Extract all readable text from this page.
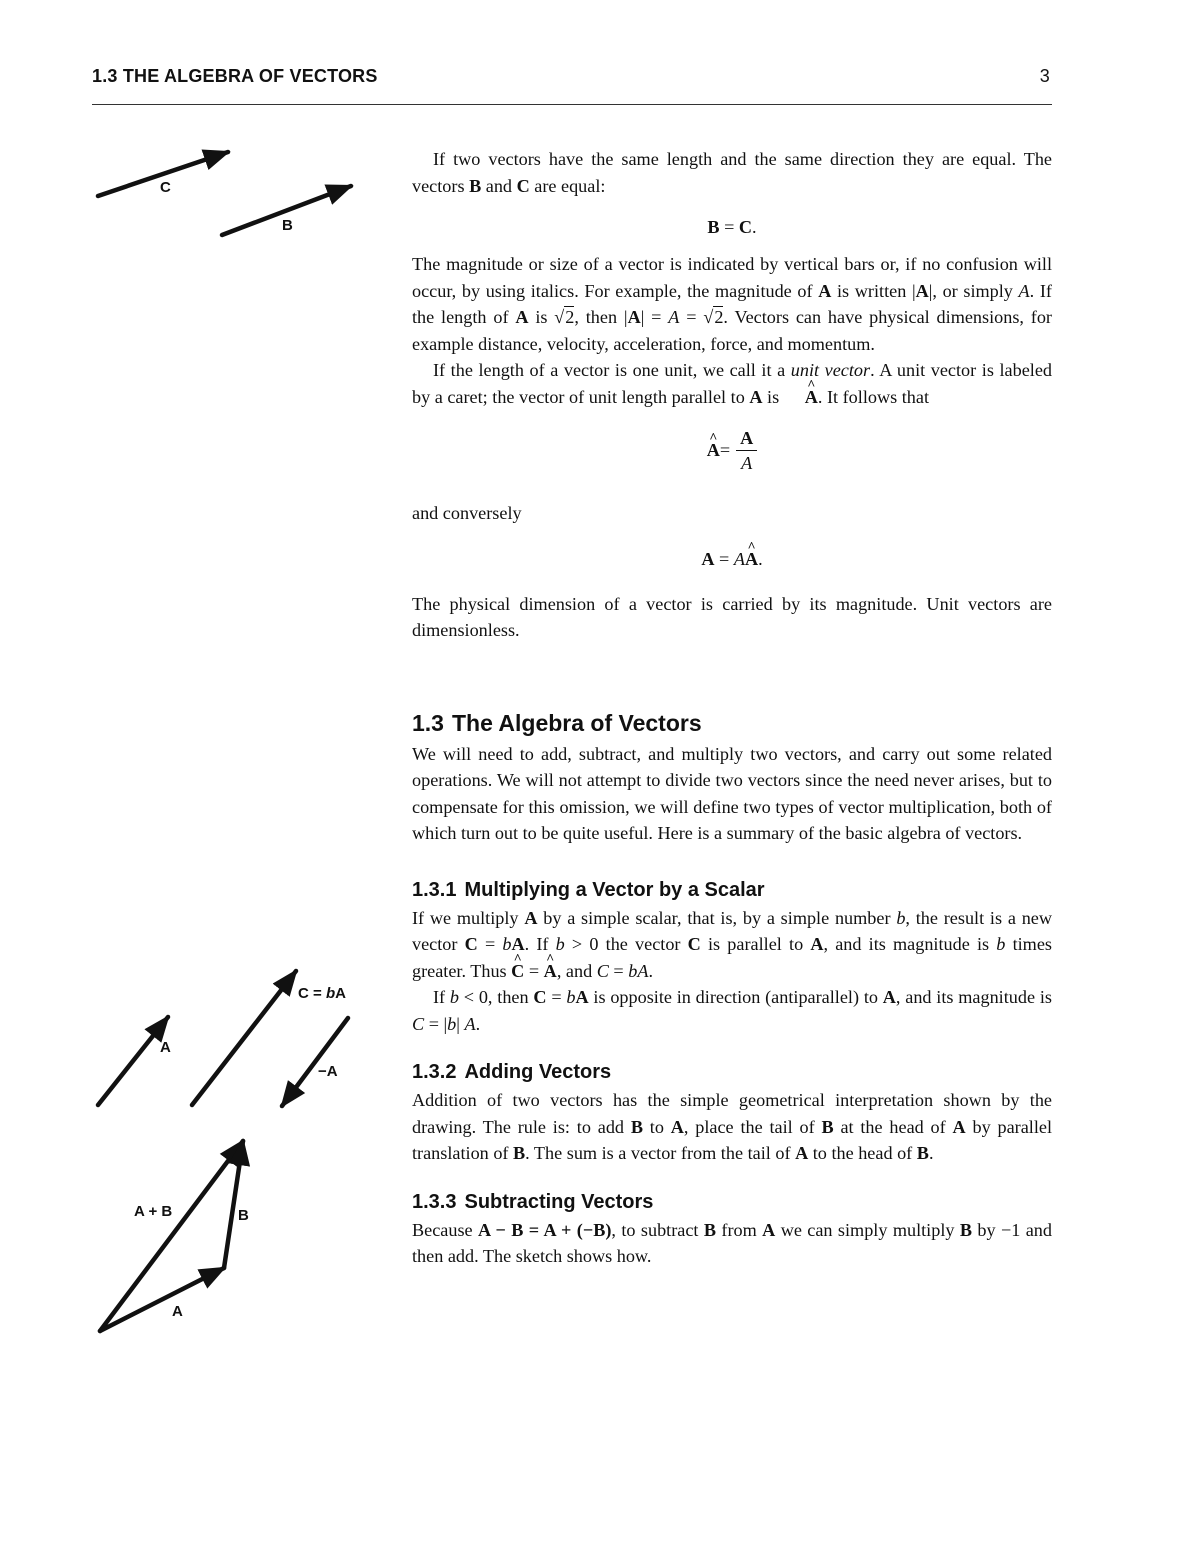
1.3 THE ALGEBRA OF VECTORS	3
C
B
A
C = bA
−A
A + B	B
A

If two vectors have the same length and the same direction they are equal. The vectors B and C are equal:

B = C.

The magnitude or size of a vector is indicated by vertical bars or, if no confusion will occur, by using italics. For example, the magnitude of A is written |A|, or simply A. If the length of A is √2, then |A| = A = √2. Vectors can have physical dimensions, for example distance, velocity, acceleration, force, and momentum.

If the length of a vector is one unit, we call it a unit vector. A unit vector is labeled by a caret; the vector of unit length parallel to A is A ^. It follows that

A ^ = $\frac{A}{A}$

and conversely

A = AA ^.

The physical dimension of a vector is carried by its magnitude. Unit vectors are dimensionless.

1.3 The Algebra of Vectors

We will need to add, subtract, and multiply two vectors, and carry out some related operations. We will not attempt to divide two vectors since the need never arises, but to compensate for this omission, we will define two types of vector multiplication, both of which turn out to be quite useful. Here is a summary of the basic algebra of vectors.

1.3.1 Multiplying a Vector by a Scalar

If we multiply A by a simple scalar, that is, by a simple number b, the result is a new vector C = bA. If b > 0 the vector C is parallel to A, and its magnitude is b times greater. Thus C ^ = A ^, and C = bA.

If b < 0, then C = bA is opposite in direction (antiparallel) to A, and its magnitude is C = |b| A.

1.3.2 Adding Vectors

Addition of two vectors has the simple geometrical interpretation shown by the drawing. The rule is: to add B to A, place the tail of B at the head of A by parallel translation of B. The sum is a vector from the tail of A to the head of B.

1.3.3 Subtracting Vectors

Because A − B = A + (−B), to subtract B from A we can simply multiply B by −1 and then add. The sketch shows how.
